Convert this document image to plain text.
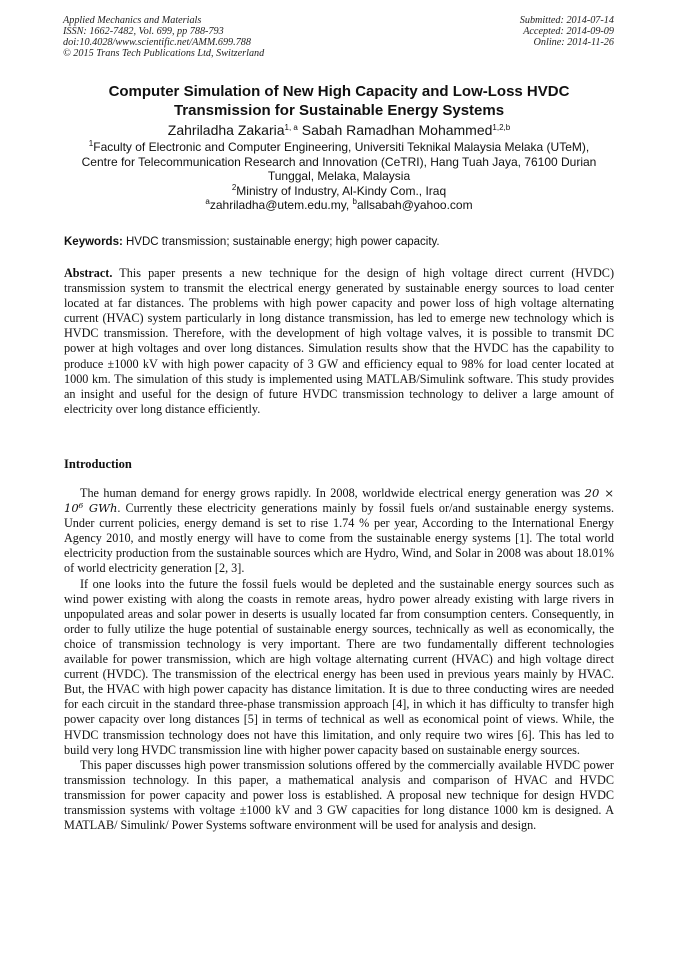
Applied Mechanics and Materials
ISSN: 1662-7482, Vol. 699, pp 788-793
doi:10.4028/www.scientific.net/AMM.699.788
© 2015 Trans Tech Publications Ltd, Switzerland
Submitted: 2014-07-14
Accepted: 2014-09-09
Online: 2014-11-26
Computer Simulation of New High Capacity and Low-Loss HVDC
Transmission for Sustainable Energy Systems
Zahriladha Zakaria$^{1, a}$ Sabah Ramadhan Mohammed$^{1,2,b}$
$^1$Faculty of Electronic and Computer Engineering, Universiti Teknikal Malaysia Melaka (UTeM),
Centre for Telecommunication Research and Innovation (CeTRI), Hang Tuah Jaya, 76100 Durian
Tunggal, Melaka, Malaysia
$^2$Ministry of Industry, Al-Kindy Com., Iraq
$^a$zahriladha@utem.edu.my, $^b$allsabah@yahoo.com
Keywords: HVDC transmission; sustainable energy; high power capacity.
Abstract. This paper presents a new technique for the design of high voltage direct current (HVDC) transmission system to transmit the electrical energy generated by sustainable energy sources to load center located at far distances. The problems with high power capacity and power loss of high voltage alternating current (HVAC) system particularly in long distance transmission, has led to emerge new technology which is HVDC transmission. Therefore, with the development of high voltage valves, it is possible to transmit DC power at high voltages and over long distances. Simulation results show that the HVDC has the capability to produce ±1000 kV with high power capacity of 3 GW and efficiency equal to 98% for load center located at 1000 km. The simulation of this study is implemented using MATLAB/Simulink software. This study provides an insight and useful for the design of future HVDC transmission technology to deliver a large amount of electricity over long distance efficiently.
Introduction

The human demand for energy grows rapidly. In 2008, worldwide electrical energy generation was 20 × 10⁶ GWh. Currently these electricity generations mainly by fossil fuels or/and sustainable energy systems. Under current policies, energy demand is set to rise 1.74 % per year, According to the International Energy Agency 2010, and mostly energy will have to come from the sustainable energy systems [1]. The total world electricity production from the sustainable sources which are Hydro, Wind, and Solar in 2008 was about 18.01% of world electricity generation [2, 3].

If one looks into the future the fossil fuels would be depleted and the sustainable energy sources such as wind power existing with along the coasts in remote areas, hydro power already existing with large rivers in unpopulated areas and solar power in deserts is usually located far from consumption centers. Consequently, in order to fully utilize the huge potential of sustainable energy sources, technically as well as economically, the choice of transmission technology is very important. There are two fundamentally different technologies available for power transmission, which are high voltage alternating current (HVAC) and high voltage direct current (HVDC). The transmission of the electrical energy has been used in previous years mainly by HVAC. But, the HVAC with high power capacity has distance limitation. It is due to three conducting wires are needed for each circuit in the standard three-phase transmission approach [4], in which it has difficulty to transfer high power capacity over long distances [5] in terms of technical as well as economical point of views. While, the HVDC transmission technology does not have this limitation, and only require two wires [6]. This has led to build very long HVDC transmission line with higher power capacity based on sustainable energy sources.

This paper discusses high power transmission solutions offered by the commercially available HVDC power transmission technology. In this paper, a mathematical analysis and comparison of HVAC and HVDC transmission for power capacity and power loss is established. A proposal new technique for design HVDC transmission systems with voltage ±1000 kV and 3 GW capacities for long distance 1000 km is designed. A MATLAB/ Simulink/ Power Systems software environment will be used for analysis and design.
